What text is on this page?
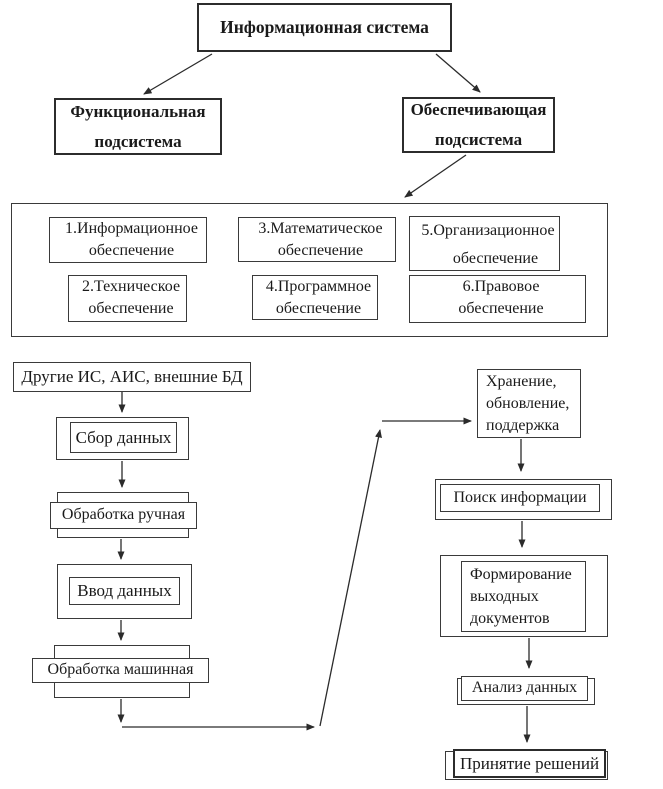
Информационная система
Функциональная
подсистема
Обеспечивающая
подсистема
1.Информационное
обеспечение
2.Техническое
обеспечение
3.Математическое
обеспечение
4.Программное
обеспечение
5.Организационное
обеспечение
6.Правовое
обеспечение
Другие ИС, АИС, внешние БД
Сбор данных
Обработка ручная
Ввод данных
Обработка машинная
Хранение,
обновление,
поддержка
Поиск информации
Формирование
выходных
документов
Анализ данных
Принятие решений
